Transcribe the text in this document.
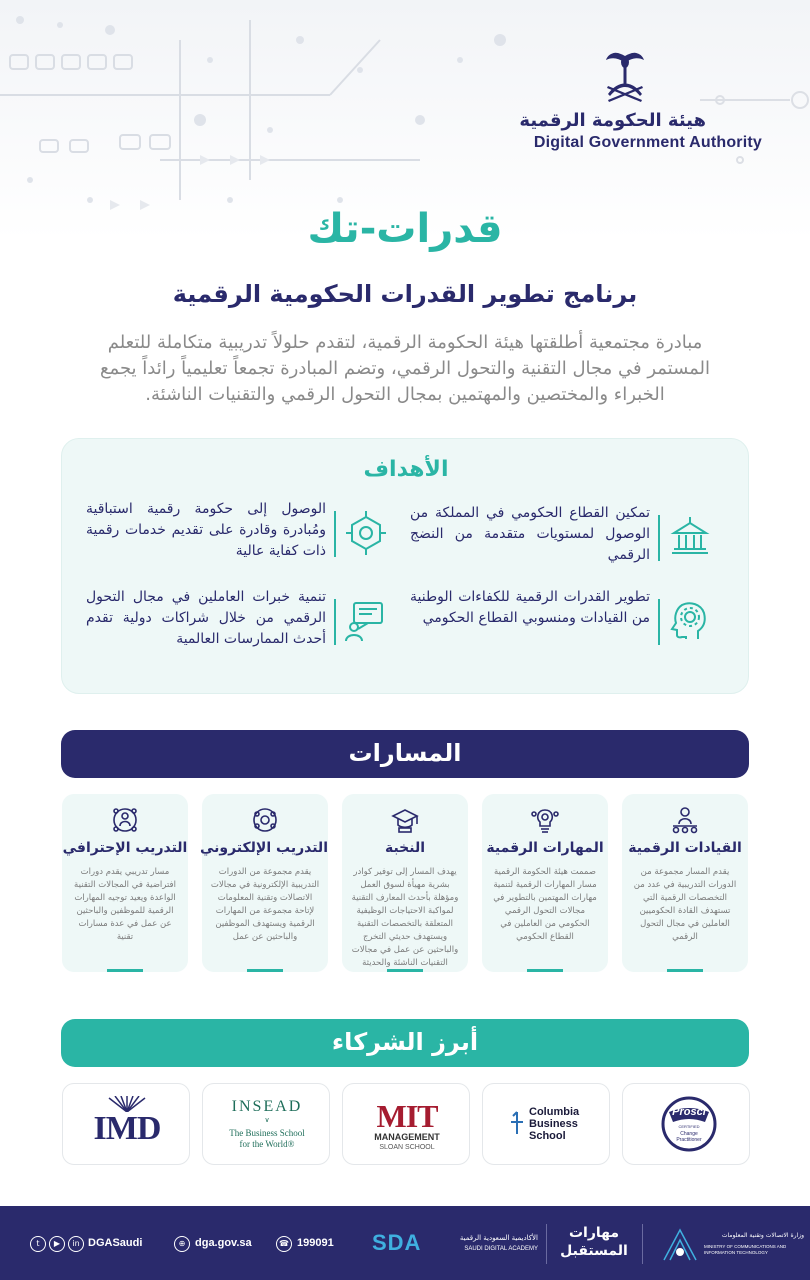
هيئة الحكومة الرقمية
Digital Government Authority
قدرات-تك
برنامج تطوير القدرات الحكومية الرقمية
مبادرة مجتمعية أطلقتها هيئة الحكومة الرقمية، لتقدم حلولاً تدريبية متكاملة للتعلم المستمر في مجال التقنية والتحول الرقمي، وتضم المبادرة تجمعاً تعليمياً رائداً يجمع الخبراء والمختصين والمهتمين بمجال التحول الرقمي والتقنيات الناشئة.
الأهداف
تمكين القطاع الحكومي في المملكة من الوصول لمستويات متقدمة من النضج الرقمي
الوصول إلى حكومة رقمية استباقية ومُبادرة وقادرة على تقديم خدمات رقمية ذات كفاية عالية
تطوير القدرات الرقمية للكفاءات الوطنية من القيادات ومنسوبي القطاع الحكومي
تنمية خبرات العاملين في مجال التحول الرقمي من خلال شراكات دولية تقدم أحدث الممارسات العالمية
المسارات
القيادات الرقمية
يقدم المسار مجموعة من الدورات التدريبية في عدد من التخصصات الرقمية التي تستهدف القادة الحكوميين العاملين في مجال التحول الرقمي
المهارات الرقمية
صممت هيئة الحكومة الرقمية مسار المهارات الرقمية لتنمية مهارات المهتمين بالتطوير في مجالات التحول الرقمي الحكومي من العاملين في القطاع الحكومي
النخبة
يهدف المسار إلى توفير كوادر بشرية مهيأة لسوق العمل ومؤهلة بأحدث المعارف التقنية لمواكبة الاحتياجات الوظيفية المتعلقة بالتخصصات التقنية ويستهدف حديثي التخرج والباحثين عن عمل في مجالات التقنيات الناشئة والحديثة
التدريب الإلكتروني
يقدم مجموعة من الدورات التدريبية الإلكترونية في مجالات الاتصالات وتقنية المعلومات لإتاحة مجموعة من المهارات الرقمية ويستهدف الموظفين والباحثين عن عمل
التدريب الإحترافي
مسار تدريبي يقدم دورات افتراضية في المجالات التقنية الواعدة ويعيد توجيه المهارات الرقمية للموظفين والباحثين عن عمل في عدة مسارات تقنية
أبرز الشركاء
Prosci
CERTIFIED
Change Practitioner
Columbia Business School
MIT
MANAGEMENT
SLOAN SCHOOL
INSEAD
∨
The Business School
for the World®
IMD
t	▶	in DGASaudi	⊕ dga.gov.sa	☎ 199091 SDA	الأكاديمية السعودية الرقمية
SAUDI DIGITAL ACADEMY
مهارات
المستقبل
وزارة الاتصالات وتقنية المعلومات
MINISTRY OF COMMUNICATIONS AND INFORMATION TECHNOLOGY
